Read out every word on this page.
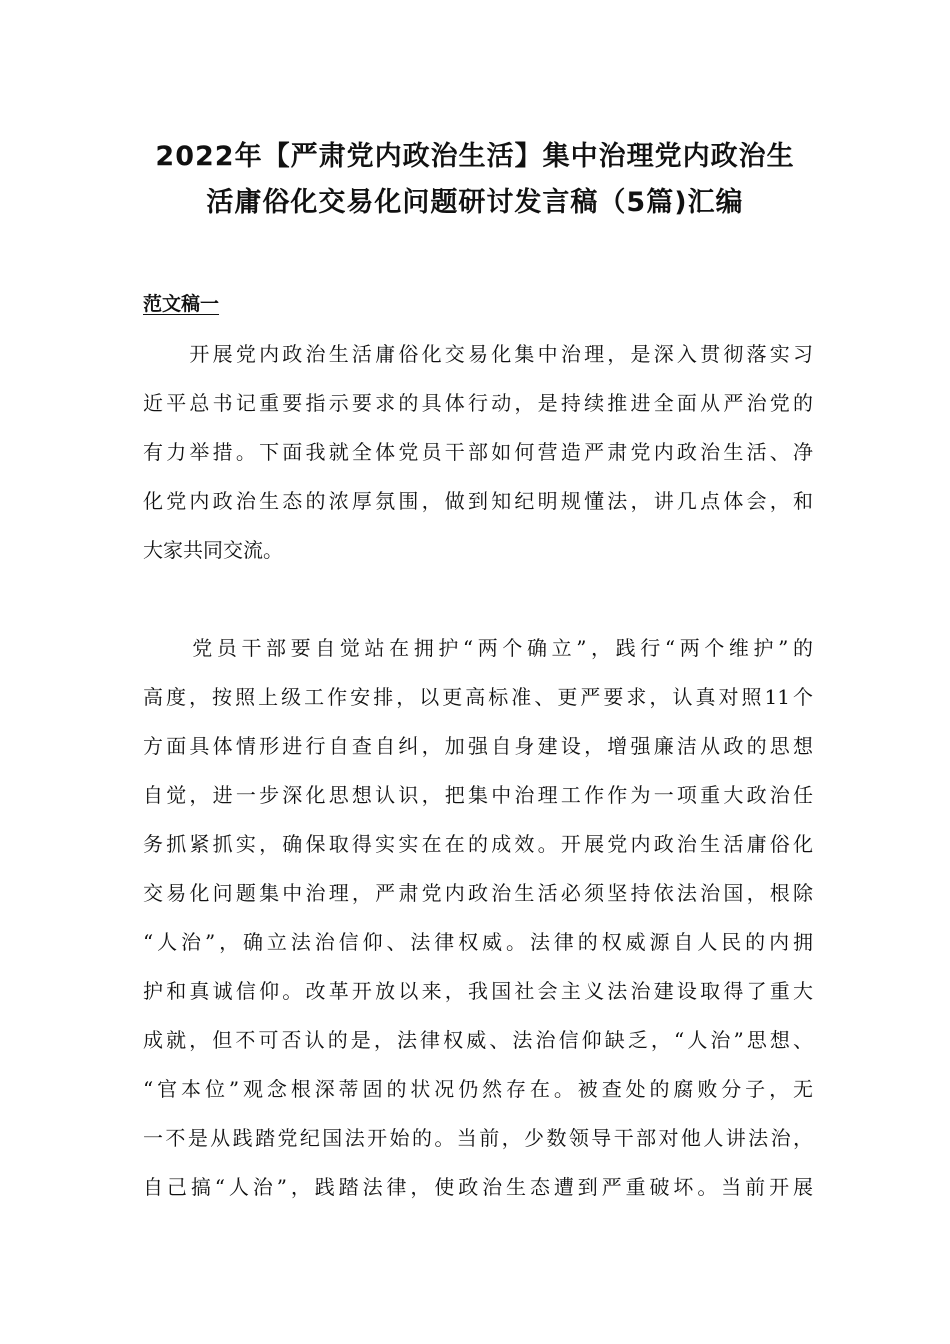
2022年【严肃党内政治生活】集中治理党内政治生
活庸俗化交易化问题研讨发言稿（5篇)汇编
范文稿一
　　开展党内政治生活庸俗化交易化集中治理，是深入贯彻落实习
近平总书记重要指示要求的具体行动，是持续推进全面从严治党的
有力举措。下面我就全体党员干部如何营造严肃党内政治生活、净
化党内政治生态的浓厚氛围，做到知纪明规懂法，讲几点体会，和
大家共同交流。
　　党员干部要自觉站在拥护“两个确立”，践行“两个维护”的
高度，按照上级工作安排，以更高标准、更严要求，认真对照11个
方面具体情形进行自查自纠，加强自身建设，增强廉洁从政的思想
自觉，进一步深化思想认识，把集中治理工作作为一项重大政治任
务抓紧抓实，确保取得实实在在的成效。开展党内政治生活庸俗化
交易化问题集中治理，严肃党内政治生活必须坚持依法治国，根除
“人治”，确立法治信仰、法律权威。法律的权威源自人民的内拥
护和真诚信仰。改革开放以来，我国社会主义法治建设取得了重大
成就，但不可否认的是，法律权威、法治信仰缺乏，“人治”思想、
“官本位”观念根深蒂固的状况仍然存在。被查处的腐败分子，无
一不是从践踏党纪国法开始的。当前，少数领导干部对他人讲法治，
自己搞“人治”，践踏法律，使政治生态遭到严重破坏。当前开展
